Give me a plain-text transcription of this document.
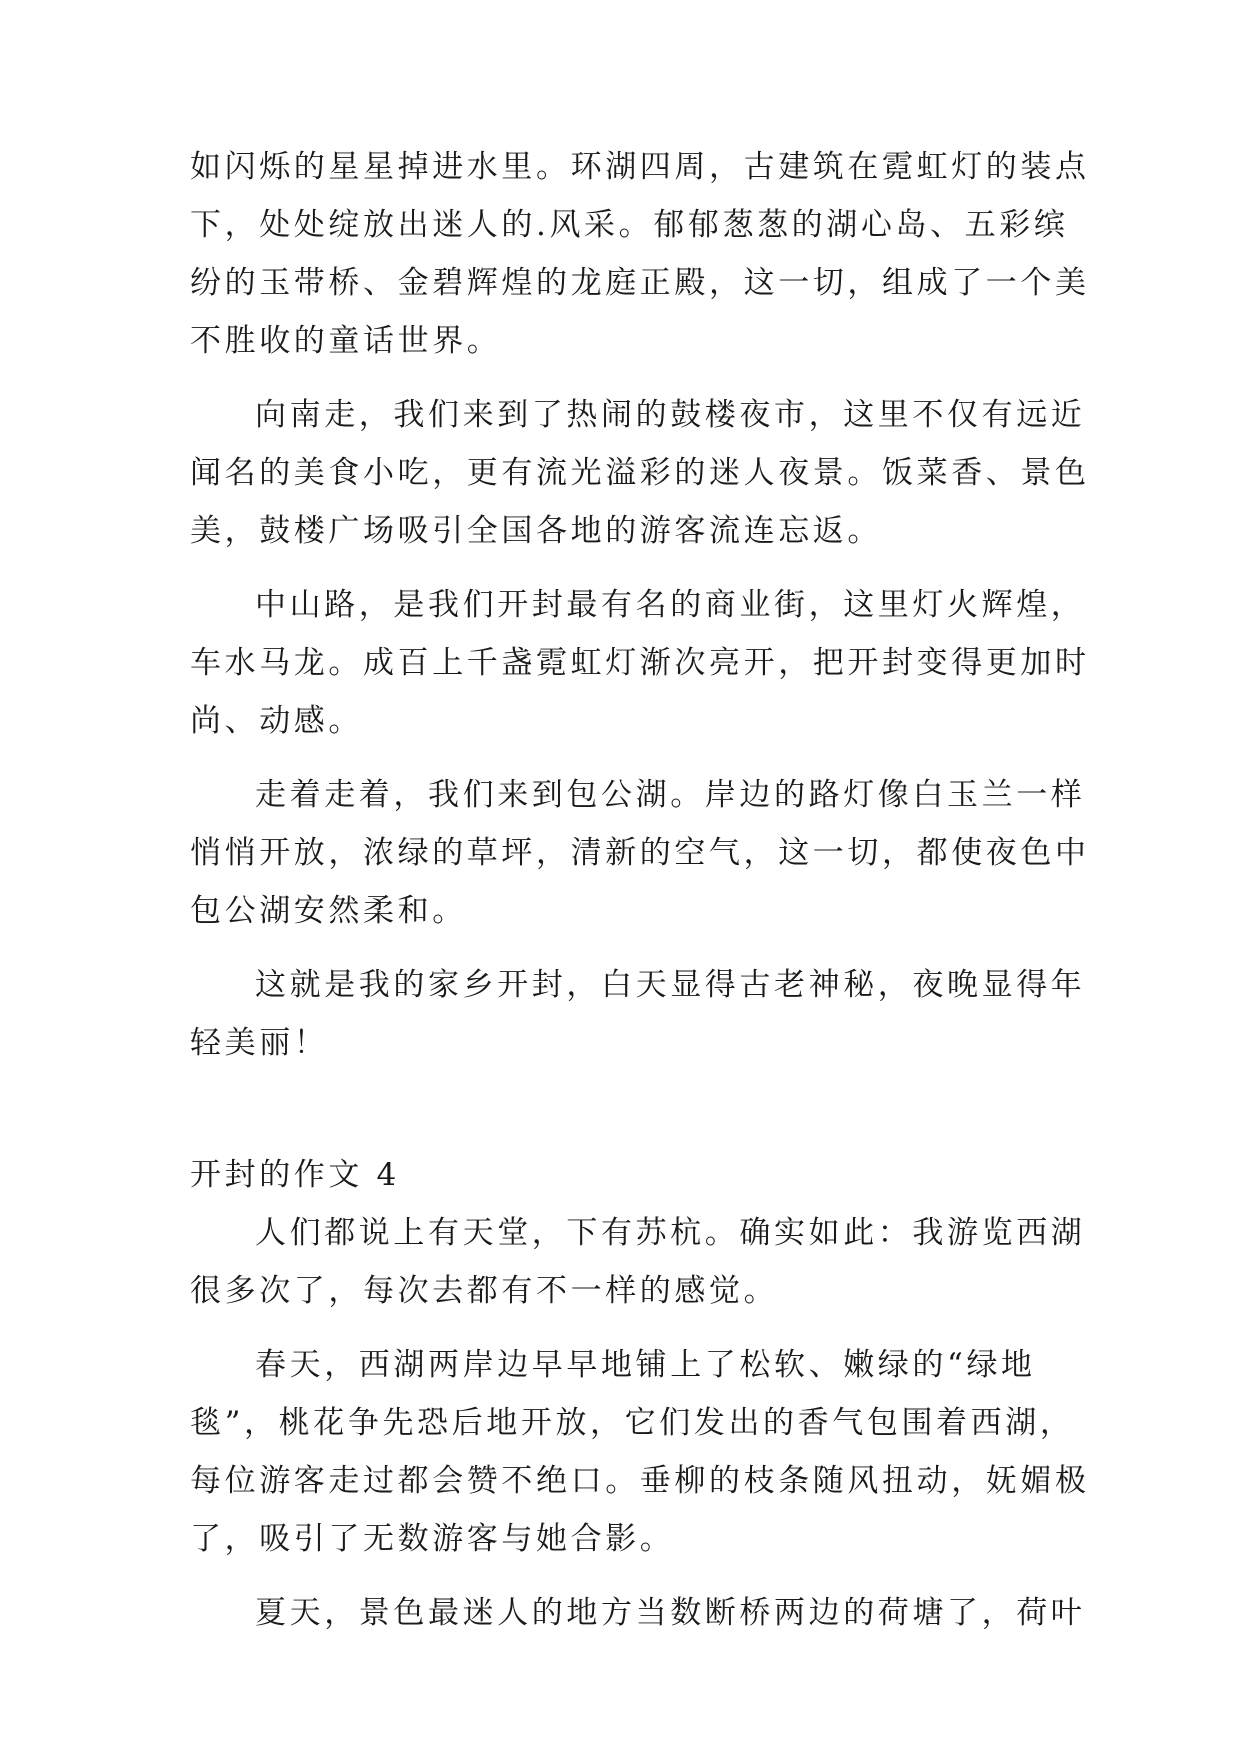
如闪烁的星星掉进水里。环湖四周，古建筑在霓虹灯的装点
下，处处绽放出迷人的.风采。郁郁葱葱的湖心岛、五彩缤
纷的玉带桥、金碧辉煌的龙庭正殿，这一切，组成了一个美
不胜收的童话世界。
向南走，我们来到了热闹的鼓楼夜市，这里不仅有远近
闻名的美食小吃，更有流光溢彩的迷人夜景。饭菜香、景色
美，鼓楼广场吸引全国各地的游客流连忘返。
中山路，是我们开封最有名的商业街，这里灯火辉煌，
车水马龙。成百上千盏霓虹灯渐次亮开，把开封变得更加时
尚、动感。
走着走着，我们来到包公湖。岸边的路灯像白玉兰一样
悄悄开放，浓绿的草坪，清新的空气，这一切，都使夜色中
包公湖安然柔和。
这就是我的家乡开封，白天显得古老神秘，夜晚显得年
轻美丽！
开封的作文 4
人们都说上有天堂，下有苏杭。确实如此：我游览西湖
很多次了，每次去都有不一样的感觉。
春天，西湖两岸边早早地铺上了松软、嫩绿的“绿地
毯”，桃花争先恐后地开放，它们发出的香气包围着西湖，
每位游客走过都会赞不绝口。垂柳的枝条随风扭动，妩媚极
了，吸引了无数游客与她合影。
夏天，景色最迷人的地方当数断桥两边的荷塘了，荷叶
